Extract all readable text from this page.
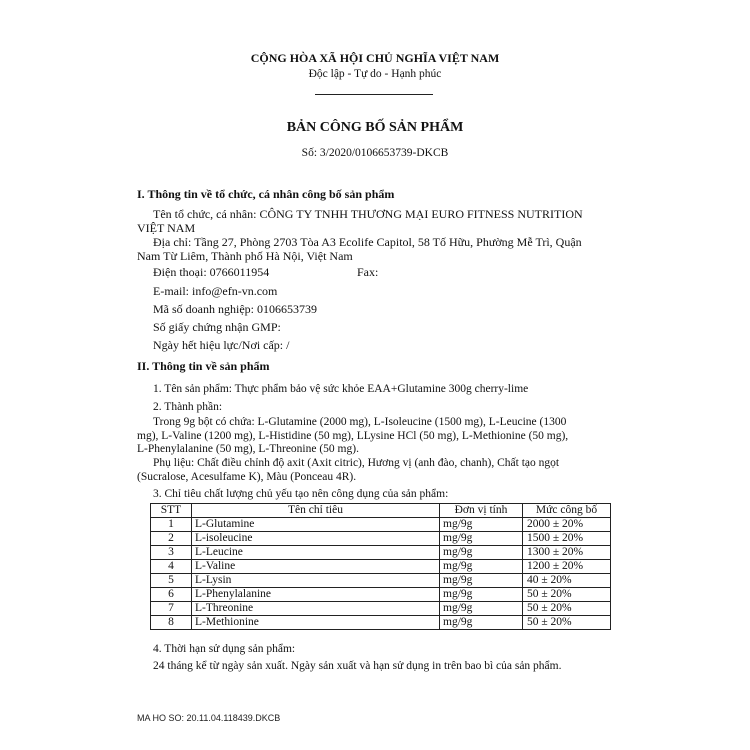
CỘNG HÒA XÃ HỘI CHỦ NGHĨA VIỆT NAM
Độc lập - Tự do - Hạnh phúc
BẢN CÔNG BỐ SẢN PHẨM
Số: 3/2020/0106653739-DKCB
I. Thông tin về tổ chức, cá nhân công bố sản phẩm
Tên tổ chức, cá nhân: CÔNG TY TNHH THƯƠNG MẠI EURO FITNESS NUTRITION
VIỆT NAM
Địa chỉ: Tầng 27, Phòng 2703 Tòa A3 Ecolife Capitol, 58 Tố Hữu, Phường Mễ Trì, Quận
Nam Từ Liêm, Thành phố Hà Nội, Việt Nam
Điện thoại: 0766011954	Fax:
E-mail: info@efn-vn.com
Mã số doanh nghiệp: 0106653739
Số giấy chứng nhận GMP:
Ngày hết hiệu lực/Nơi cấp: /
II. Thông tin về sản phẩm
1. Tên sản phẩm: Thực phẩm bảo vệ sức khỏe EAA+Glutamine 300g cherry-lime
2. Thành phần:
Trong 9g bột có chứa: L-Glutamine (2000 mg), L-Isoleucine (1500 mg), L-Leucine (1300
mg), L-Valine (1200 mg), L-Histidine (50 mg), LLysine HCl (50 mg), L-Methionine (50 mg),
L-Phenylalanine (50 mg), L-Threonine (50 mg).
Phụ liệu: Chất điều chỉnh độ axit (Axit citric), Hương vị (anh đào, chanh), Chất tạo ngọt
(Sucralose, Acesulfame K), Màu (Ponceau 4R).
3. Chỉ tiêu chất lượng chủ yếu tạo nên công dụng của sản phẩm:
STT	Tên chỉ tiêu	Đơn vị tính	Mức công bố
1	L-Glutamine	mg/9g	2000 ± 20%
2	L-isoleucine	mg/9g	1500 ± 20%
3	L-Leucine	mg/9g	1300 ± 20%
4	L-Valine	mg/9g	1200 ± 20%
5	L-Lysin	mg/9g	40 ± 20%
6	L-Phenylalanine	mg/9g	50 ± 20%
7	L-Threonine	mg/9g	50 ± 20%
8	L-Methionine	mg/9g	50 ± 20%
4. Thời hạn sử dụng sản phẩm:
24 tháng kể từ ngày sản xuất. Ngày sản xuất và hạn sử dụng in trên bao bì của sản phẩm.
MA HO SO: 20.11.04.118439.DKCB
